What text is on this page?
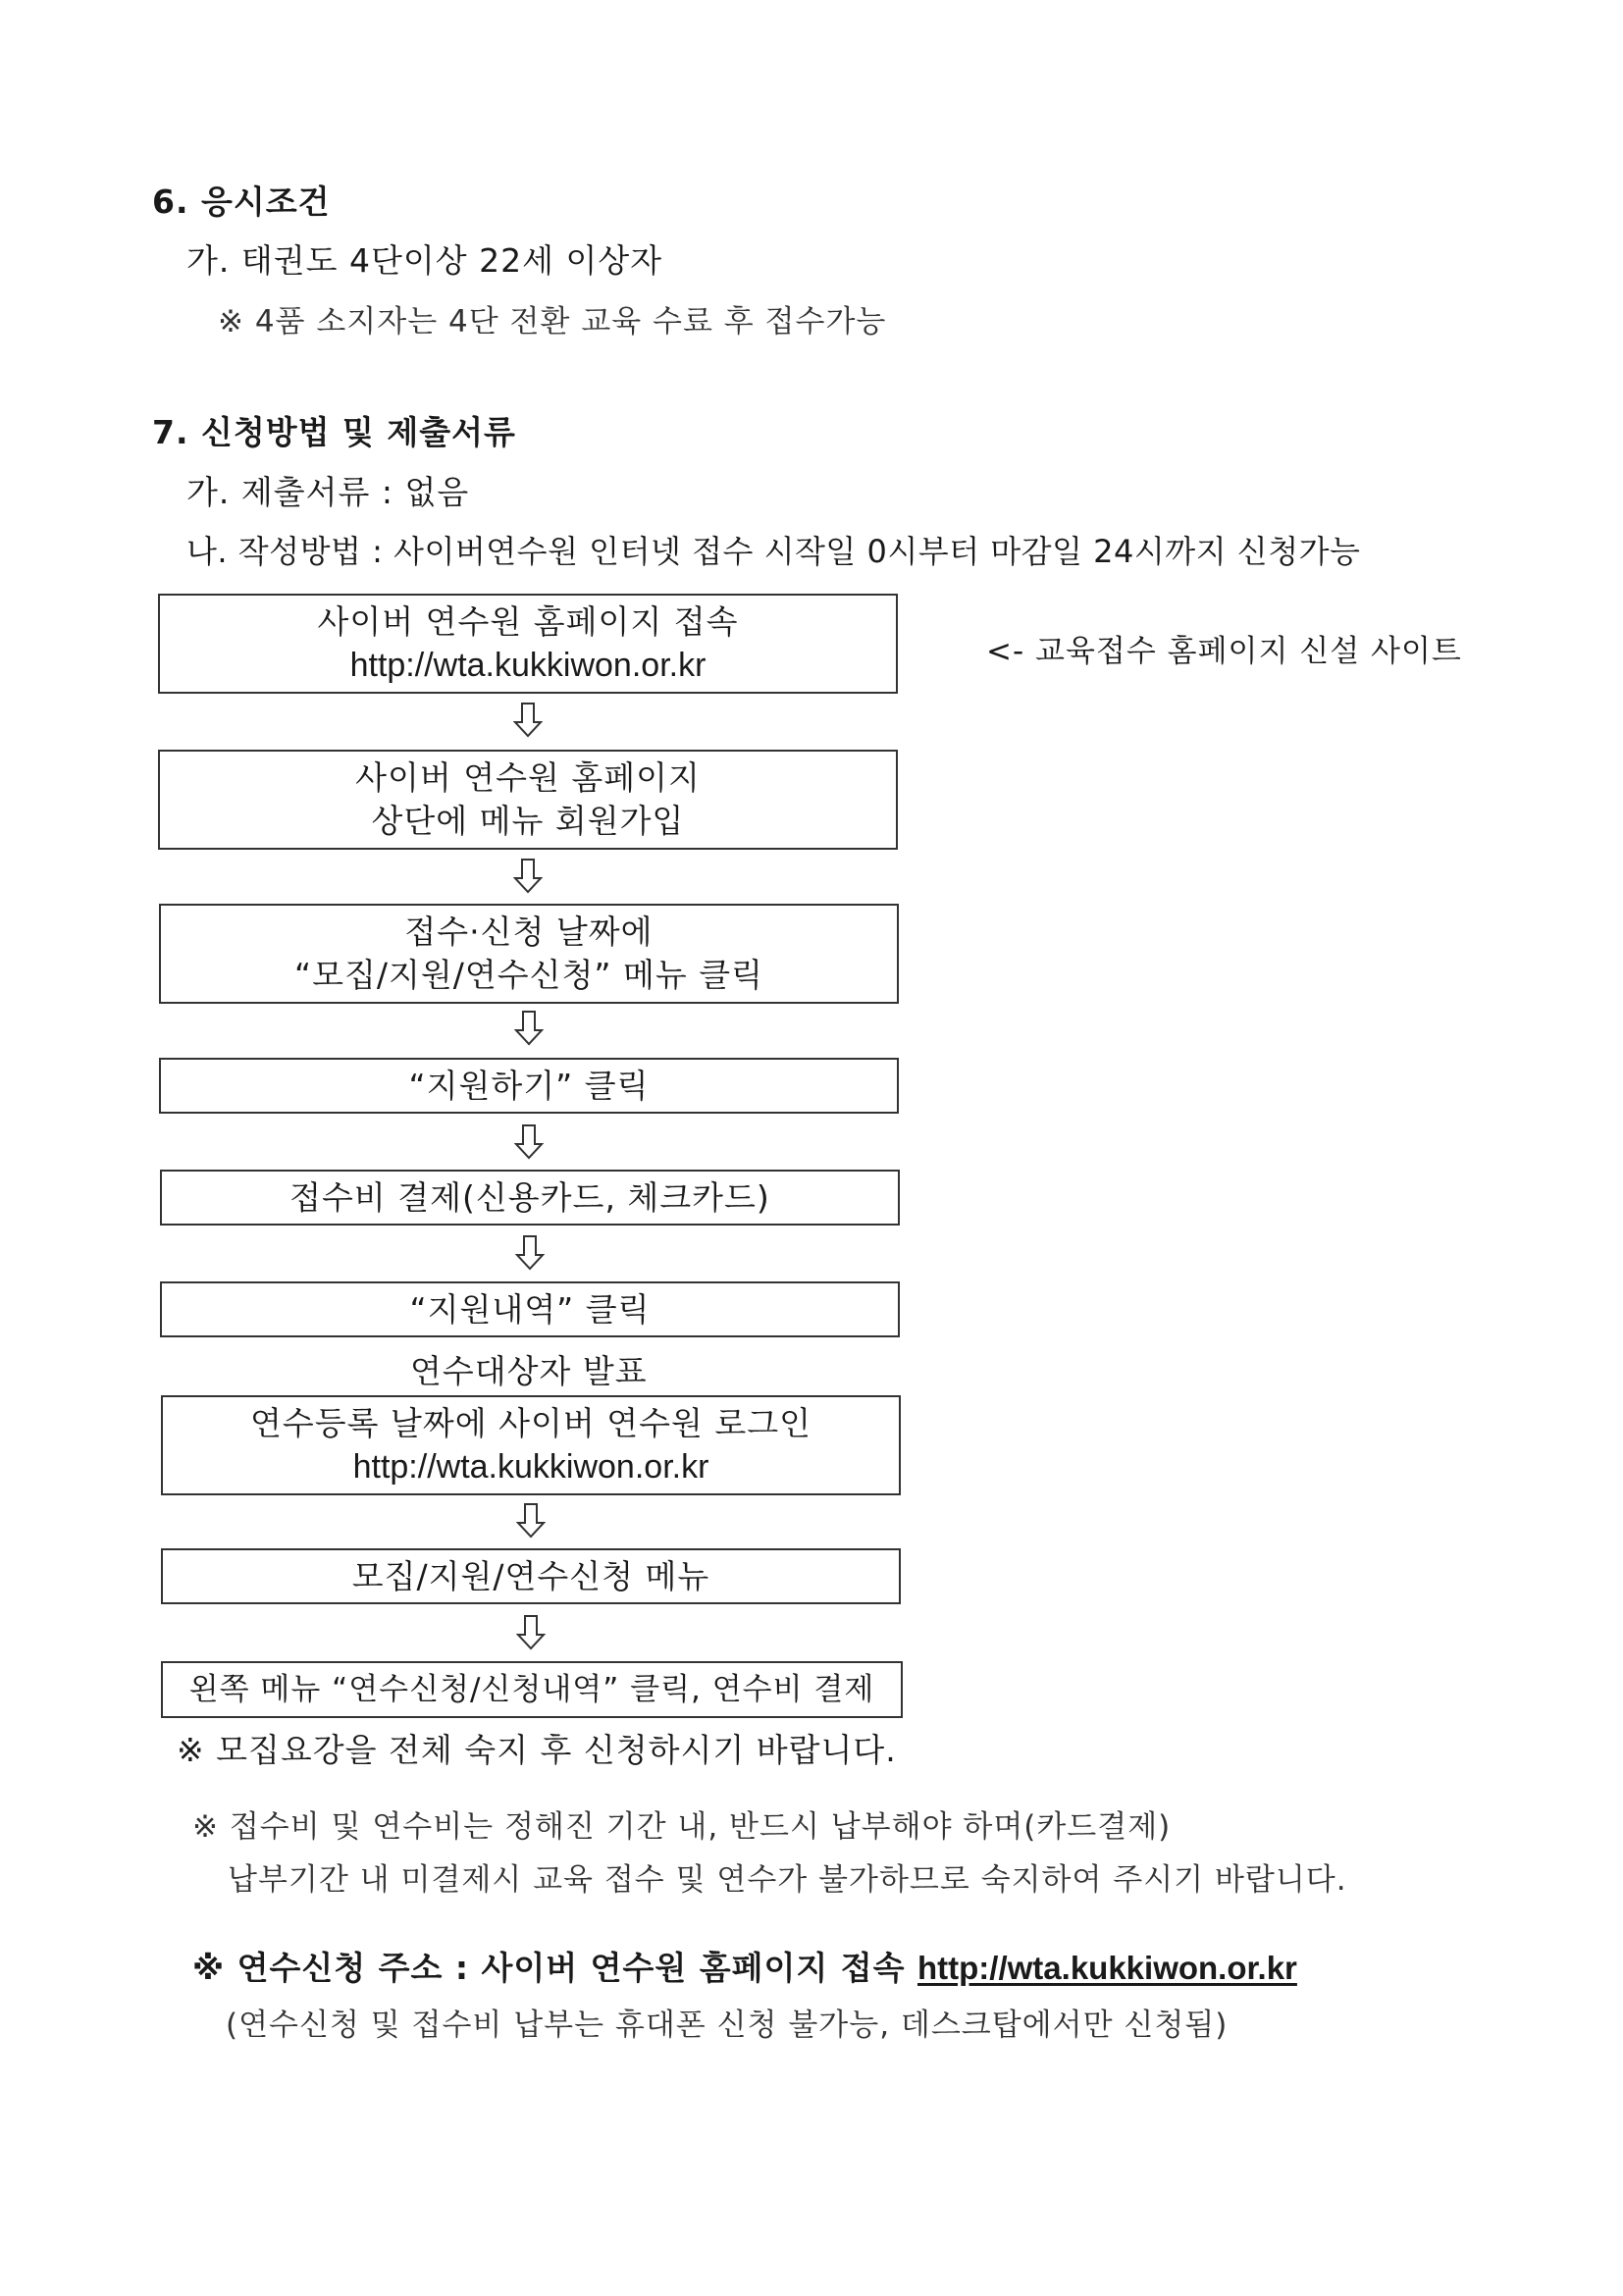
6. 응시조건
가. 태권도 4단이상 22세 이상자
※ 4품 소지자는 4단 전환 교육 수료 후 접수가능
7. 신청방법 및 제출서류
가. 제출서류 : 없음
나. 작성방법 : 사이버연수원 인터넷 접수 시작일 0시부터 마감일 24시까지 신청가능
사이버 연수원 홈페이지 접속
http://wta.kukkiwon.or.kr	<- 교육접수 홈페이지 신설 사이트
사이버 연수원 홈페이지
상단에 메뉴 회원가입
접수·신청 날짜에
“모집/지원/연수신청” 메뉴 클릭
“지원하기” 클릭
접수비 결제(신용카드, 체크카드)
“지원내역” 클릭
연수대상자 발표
연수등록 날짜에 사이버 연수원 로그인
http://wta.kukkiwon.or.kr
모집/지원/연수신청 메뉴
왼쪽 메뉴 “연수신청/신청내역” 클릭, 연수비 결제
※ 모집요강을 전체 숙지 후 신청하시기 바랍니다.
※ 접수비 및 연수비는 정해진 기간 내, 반드시 납부해야 하며(카드결제)
납부기간 내 미결제시 교육 접수 및 연수가 불가하므로 숙지하여 주시기 바랍니다.
※ 연수신청 주소 : 사이버 연수원 홈페이지 접속 http://wta.kukkiwon.or.kr
(연수신청 및 접수비 납부는 휴대폰 신청 불가능, 데스크탑에서만 신청됨)
